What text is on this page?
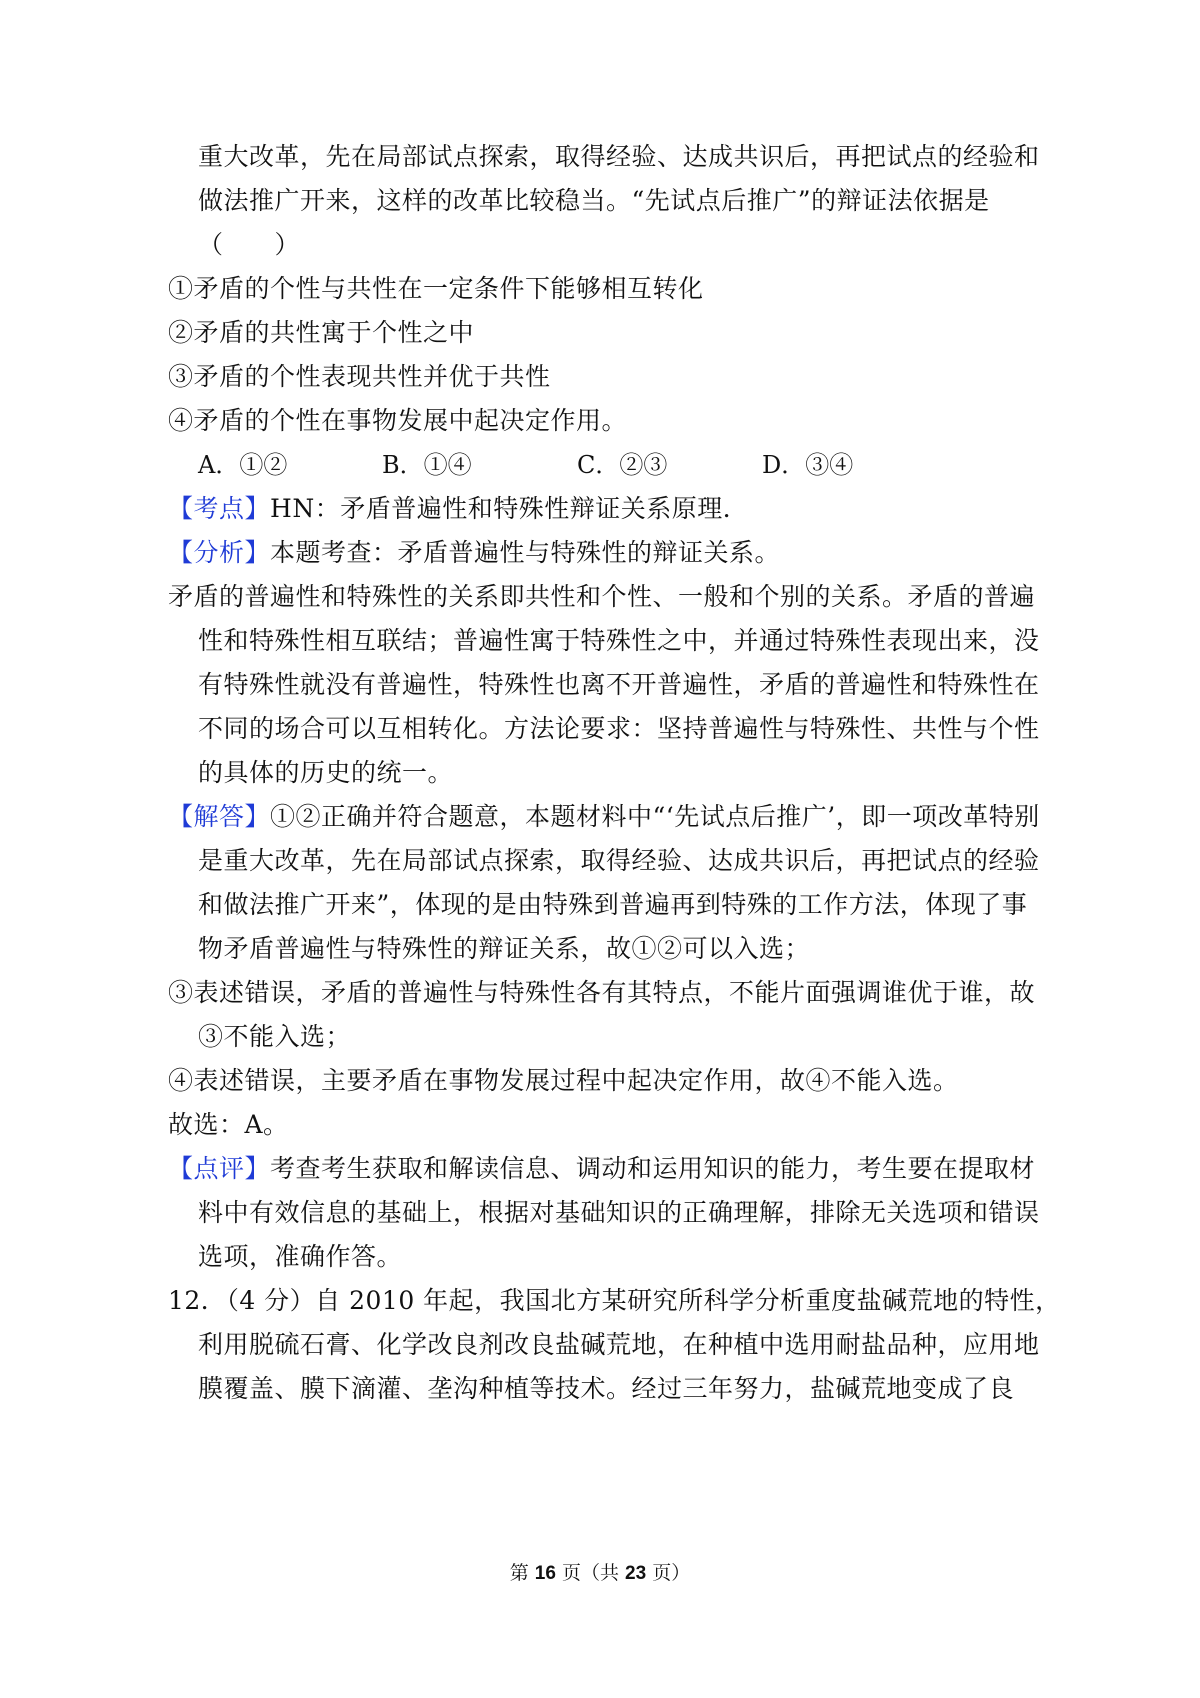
重大改革，先在局部试点探索，取得经验、达成共识后，再把试点的经验和
做法推广开来，这样的改革比较稳当。“先试点后推广”的辩证法依据是
（　　）
①矛盾的个性与共性在一定条件下能够相互转化
②矛盾的共性寓于个性之中
③矛盾的个性表现共性并优于共性
④矛盾的个性在事物发展中起决定作用。
A．①②	B．①④	C．②③	D．③④
【考点】HN：矛盾普遍性和特殊性辩证关系原理．
【分析】本题考查：矛盾普遍性与特殊性的辩证关系。
矛盾的普遍性和特殊性的关系即共性和个性、一般和个别的关系。矛盾的普遍
性和特殊性相互联结；普遍性寓于特殊性之中，并通过特殊性表现出来，没
有特殊性就没有普遍性，特殊性也离不开普遍性，矛盾的普遍性和特殊性在
不同的场合可以互相转化。方法论要求：坚持普遍性与特殊性、共性与个性
的具体的历史的统一。
【解答】①②正确并符合题意，本题材料中“‘先试点后推广’，即一项改革特别
是重大改革，先在局部试点探索，取得经验、达成共识后，再把试点的经验
和做法推广开来”，体现的是由特殊到普遍再到特殊的工作方法，体现了事
物矛盾普遍性与特殊性的辩证关系，故①②可以入选；
③表述错误，矛盾的普遍性与特殊性各有其特点，不能片面强调谁优于谁，故
③不能入选；
④表述错误，主要矛盾在事物发展过程中起决定作用，故④不能入选。
故选：A。
【点评】考查考生获取和解读信息、调动和运用知识的能力，考生要在提取材
料中有效信息的基础上，根据对基础知识的正确理解，排除无关选项和错误
选项，准确作答。
12．（4 分）自 2010 年起，我国北方某研究所科学分析重度盐碱荒地的特性，
利用脱硫石膏、化学改良剂改良盐碱荒地，在种植中选用耐盐品种，应用地
膜覆盖、膜下滴灌、垄沟种植等技术。经过三年努力，盐碱荒地变成了良
第 16 页（共 23 页）
